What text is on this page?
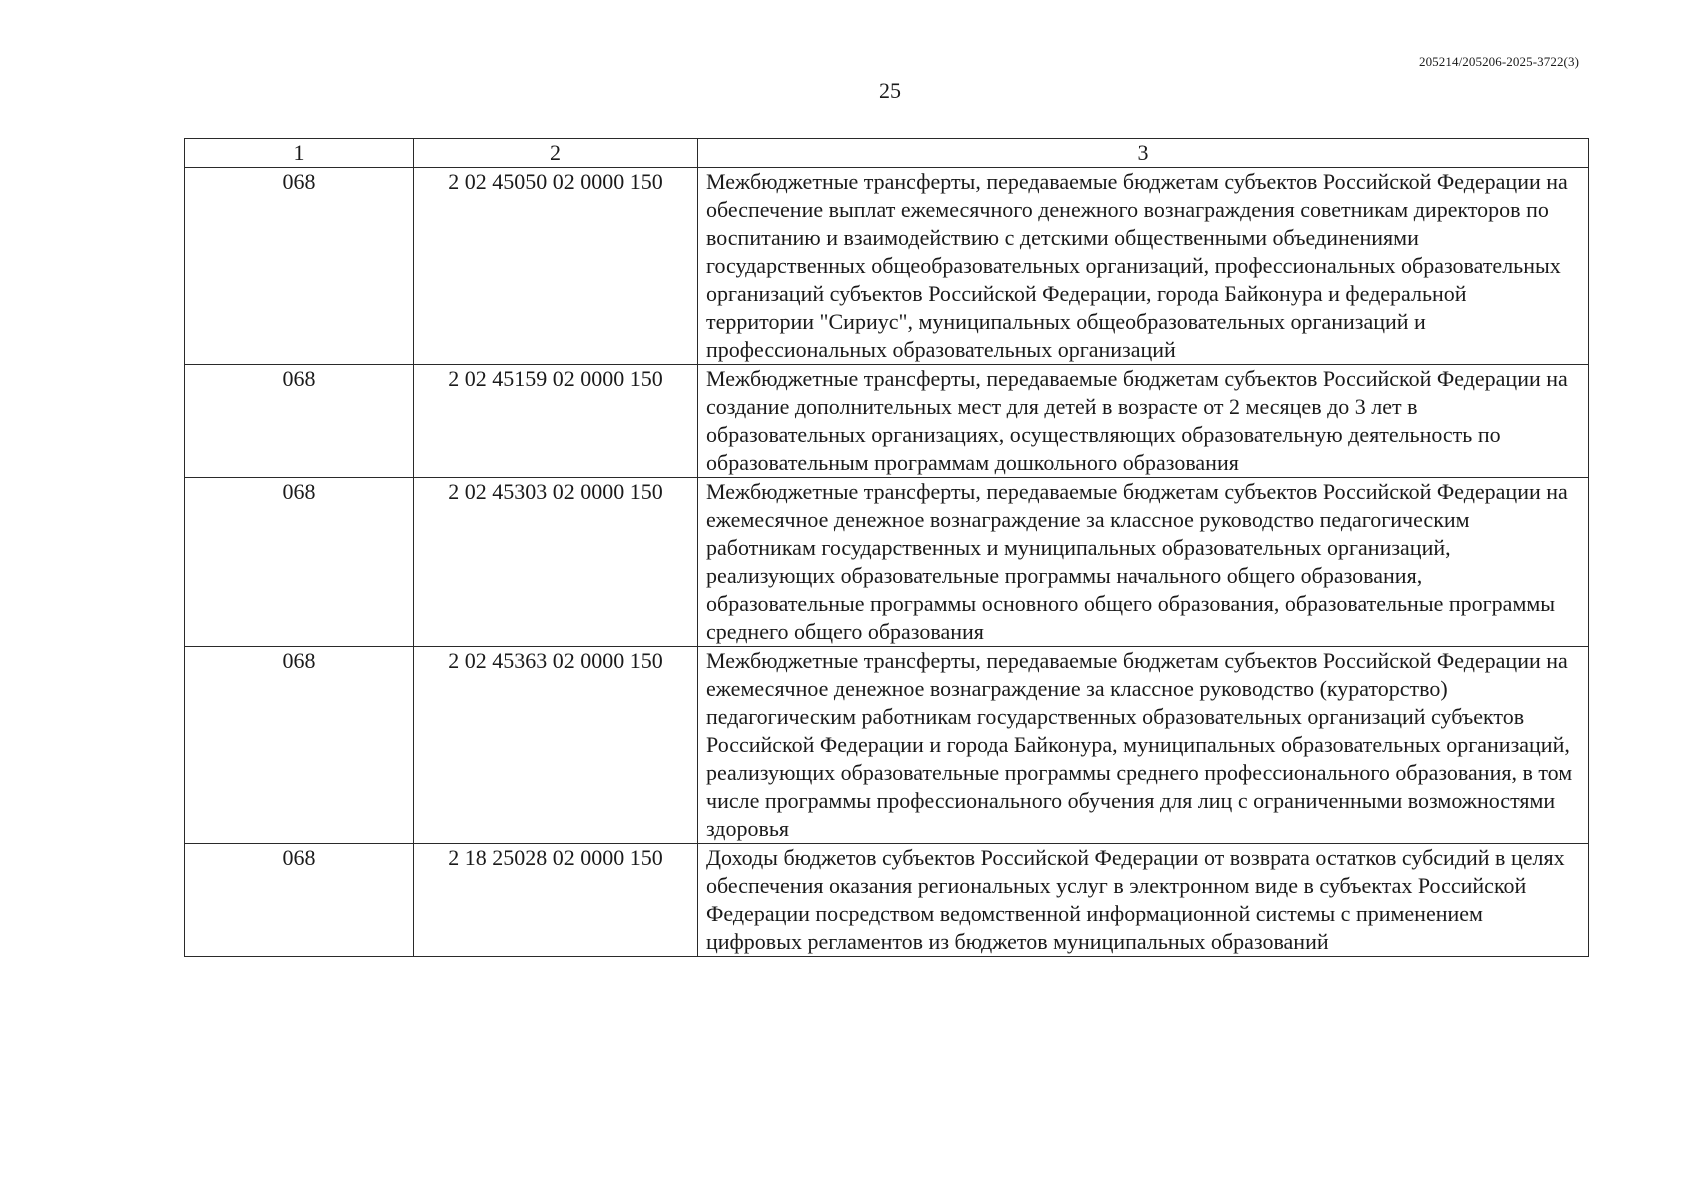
205214/205206-2025-3722(3)
25
1	2	3
068	2 02 45050 02 0000 150	Межбюджетные трансферты, передаваемые бюджетам субъектов Российской Федерации на обеспечение выплат ежемесячного денежного вознаграждения советникам директоров по воспитанию и взаимодействию с детскими общественными объединениями государственных общеобразовательных организаций, профессиональных образовательных организаций субъектов Российской Федерации, города Байконура и федеральной территории "Сириус", муниципальных общеобразовательных организаций и профессиональных образовательных организаций
068	2 02 45159 02 0000 150	Межбюджетные трансферты, передаваемые бюджетам субъектов Российской Федерации на создание дополнительных мест для детей в возрасте от 2 месяцев до 3 лет в образовательных организациях, осуществляющих образовательную деятельность по образовательным программам дошкольного образования
068	2 02 45303 02 0000 150	Межбюджетные трансферты, передаваемые бюджетам субъектов Российской Федерации на ежемесячное денежное вознаграждение за классное руководство педагогическим работникам государственных и муниципальных образовательных организаций, реализующих образовательные программы начального общего образования, образовательные программы основного общего образования, образовательные программы среднего общего образования
068	2 02 45363 02 0000 150	Межбюджетные трансферты, передаваемые бюджетам субъектов Российской Федерации на ежемесячное денежное вознаграждение за классное руководство (кураторство) педагогическим работникам государственных образовательных организаций субъектов Российской Федерации и города Байконура, муниципальных образовательных организаций, реализующих образовательные программы среднего профессионального образования, в том числе программы профессионального обучения для лиц с ограниченными возможностями здоровья
068	2 18 25028 02 0000 150	Доходы бюджетов субъектов Российской Федерации от возврата остатков субсидий в целях обеспечения оказания региональных услуг в электронном виде в субъектах Российской Федерации посредством ведомственной информационной системы с применением цифровых регламентов из бюджетов муниципальных образований
